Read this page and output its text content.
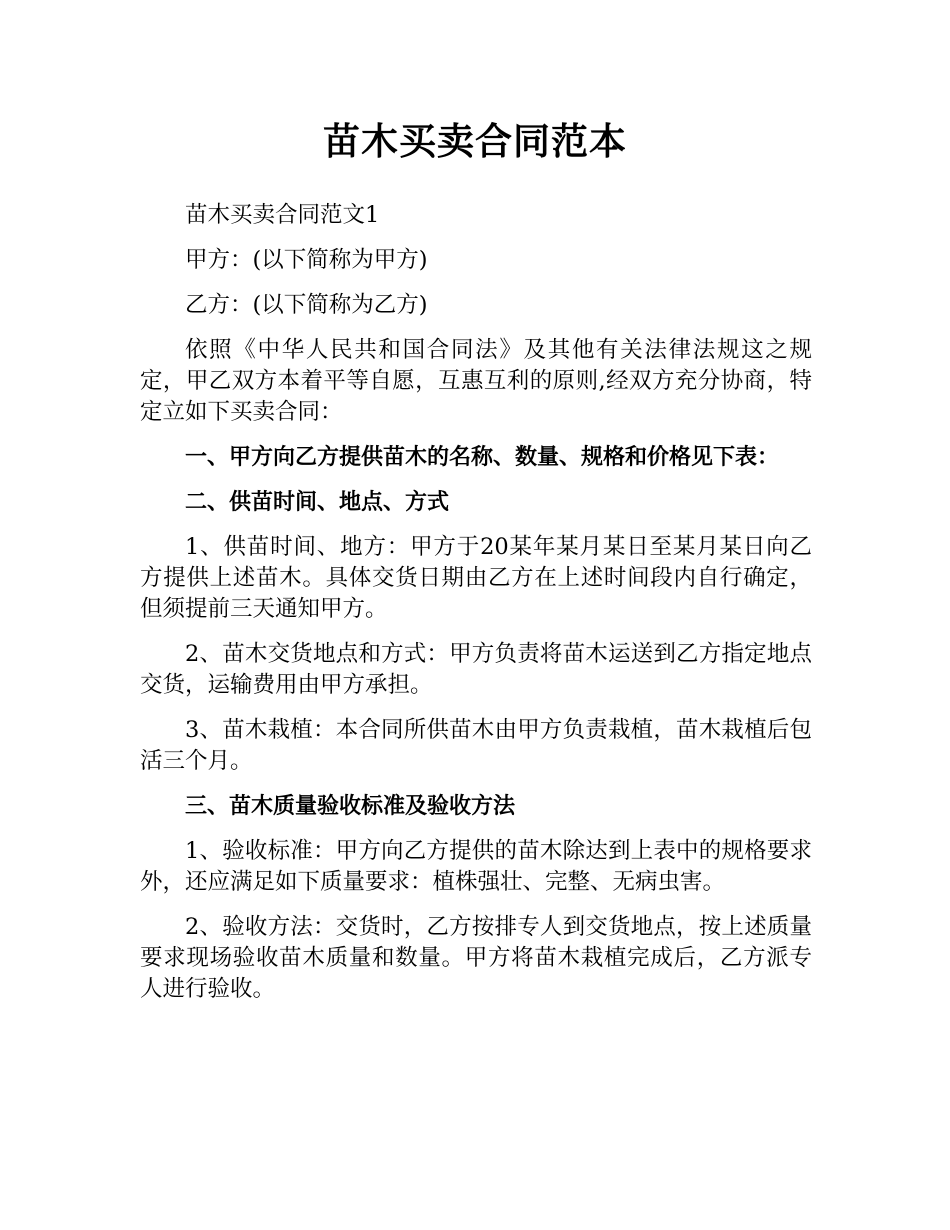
苗木买卖合同范本

苗木买卖合同范文1

甲方：(以下简称为甲方)

乙方：(以下简称为乙方)

依照《中华人民共和国合同法》及其他有关法律法规这之规定，甲乙双方本着平等自愿，互惠互利的原则,经双方充分协商，特定立如下买卖合同：

一、甲方向乙方提供苗木的名称、数量、规格和价格见下表：

二、供苗时间、地点、方式

1、供苗时间、地方：甲方于20某年某月某日至某月某日向乙方提供上述苗木。具体交货日期由乙方在上述时间段内自行确定，但须提前三天通知甲方。

2、苗木交货地点和方式：甲方负责将苗木运送到乙方指定地点交货，运输费用由甲方承担。

3、苗木栽植：本合同所供苗木由甲方负责栽植，苗木栽植后包活三个月。

三、苗木质量验收标准及验收方法

1、验收标准：甲方向乙方提供的苗木除达到上表中的规格要求外，还应满足如下质量要求：植株强壮、完整、无病虫害。

2、验收方法：交货时，乙方按排专人到交货地点，按上述质量要求现场验收苗木质量和数量。甲方将苗木栽植完成后，乙方派专人进行验收。
